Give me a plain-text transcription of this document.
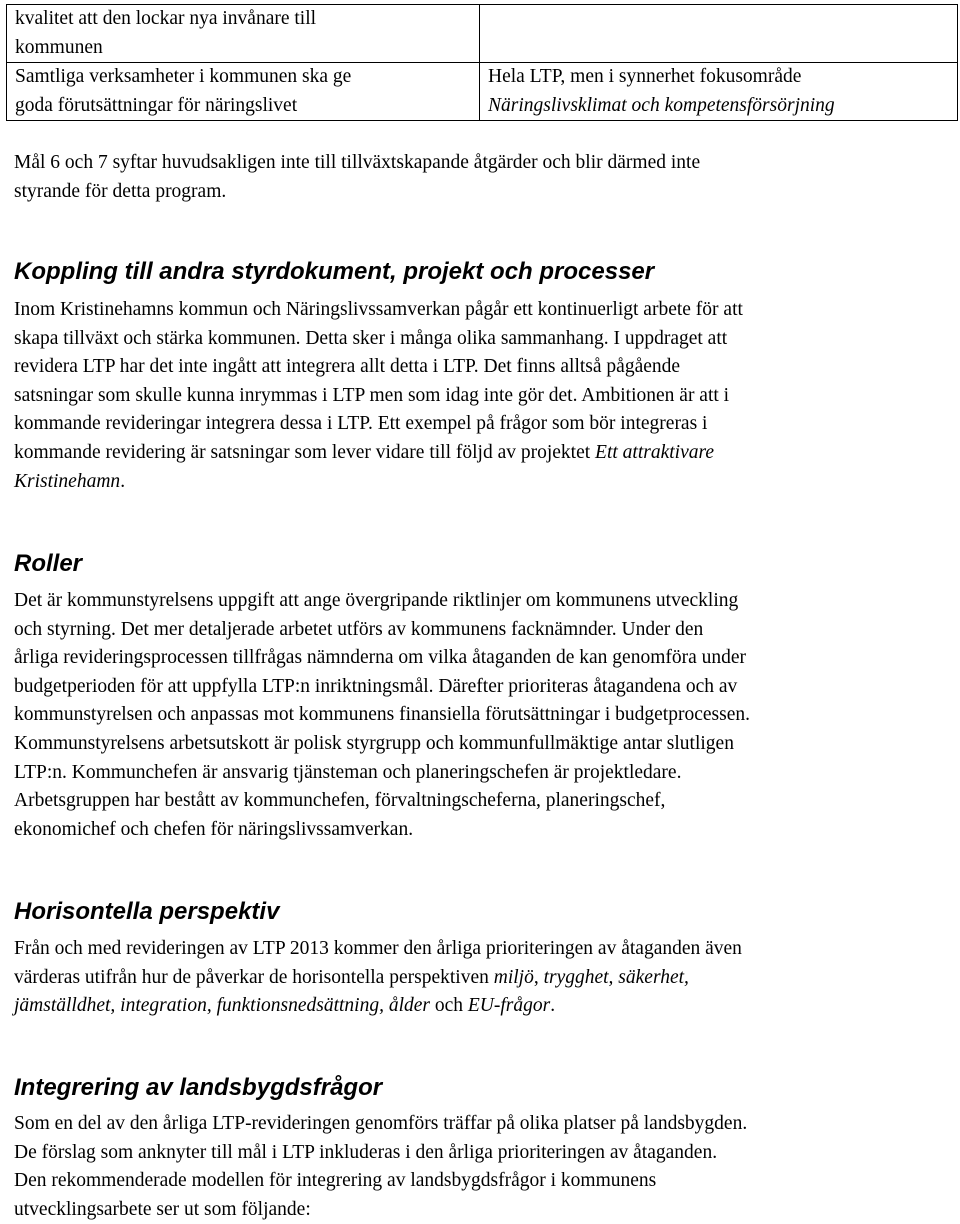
kvalitet att den lockar nya invånare till
kommunen	

Samtliga verksamheter i kommunen ska ge
goda förutsättningar för näringslivet	Hela LTP, men i synnerhet fokusområde
Näringslivsklimat och kompetensförsörjning

Mål 6 och 7 syftar huvudsakligen inte till tillväxtskapande åtgärder och blir därmed inte
styrande för detta program.

Koppling till andra styrdokument, projekt och processer

Inom Kristinehamns kommun och Näringslivssamverkan pågår ett kontinuerligt arbete för att
skapa tillväxt och stärka kommunen. Detta sker i många olika sammanhang. I uppdraget att
revidera LTP har det inte ingått att integrera allt detta i LTP. Det finns alltså pågående
satsningar som skulle kunna inrymmas i LTP men som idag inte gör det. Ambitionen är att i
kommande revideringar integrera dessa i LTP. Ett exempel på frågor som bör integreras i
kommande revidering är satsningar som lever vidare till följd av projektet Ett attraktivare
Kristinehamn.

Roller

Det är kommunstyrelsens uppgift att ange övergripande riktlinjer om kommunens utveckling
och styrning. Det mer detaljerade arbetet utförs av kommunens facknämnder. Under den
årliga revideringsprocessen tillfrågas nämnderna om vilka åtaganden de kan genomföra under
budgetperioden för att uppfylla LTP:n inriktningsmål. Därefter prioriteras åtagandena och av
kommunstyrelsen och anpassas mot kommunens finansiella förutsättningar i budgetprocessen.
Kommunstyrelsens arbetsutskott är polisk styrgrupp och kommunfullmäktige antar slutligen
LTP:n. Kommunchefen är ansvarig tjänsteman och planeringschefen är projektledare.
Arbetsgruppen har bestått av kommunchefen, förvaltningscheferna, planeringschef,
ekonomichef och chefen för näringslivssamverkan.

Horisontella perspektiv

Från och med revideringen av LTP 2013 kommer den årliga prioriteringen av åtaganden även
värderas utifrån hur de påverkar de horisontella perspektiven miljö, trygghet, säkerhet,
jämställdhet, integration, funktionsnedsättning, ålder och EU-frågor.

Integrering av landsbygdsfrågor

Som en del av den årliga LTP-revideringen genomförs träffar på olika platser på landsbygden.
De förslag som anknyter till mål i LTP inkluderas i den årliga prioriteringen av åtaganden.
Den rekommenderade modellen för integrering av landsbygdsfrågor i kommunens
utvecklingsarbete ser ut som följande:
